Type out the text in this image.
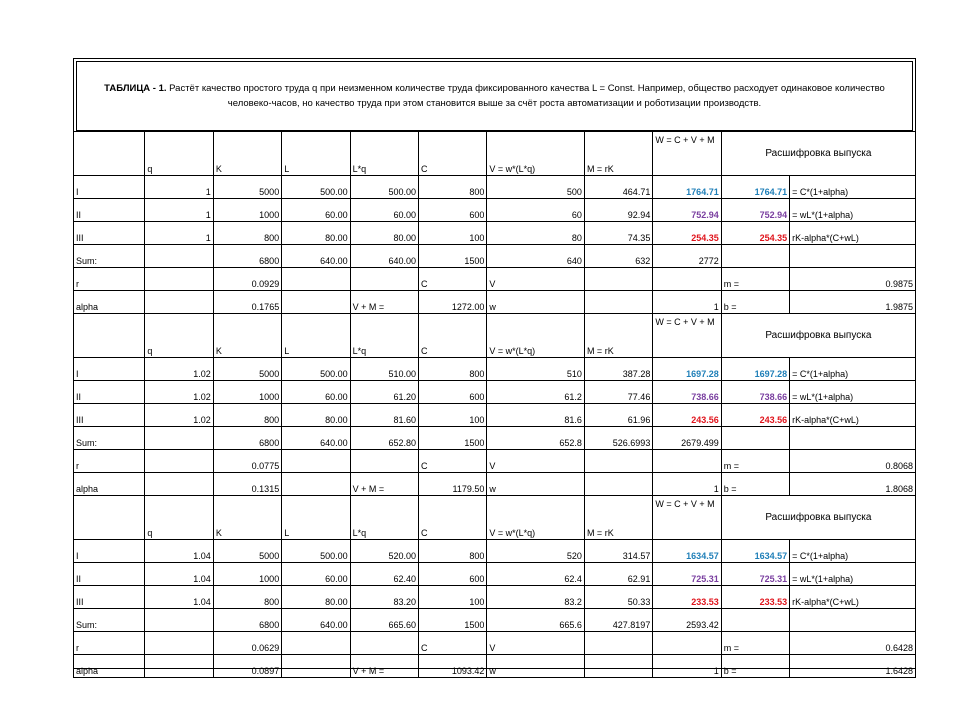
ТАБЛИЦА - 1. Растёт качество простого труда q при неизменном количестве труда фиксированного качества L = Const. Например, общество расходует одинаковое количество человеко-часов, но качество труда при этом становится выше за счёт роста автоматизации и роботизации производств.
	q	K	L	L*q	C	V = w*(L*q)	M = rK	W = C + V + M	Расшифровка выпуска	
I	1	5000	500.00	500.00	800	500	464.71	1764.71	1764.71	= C*(1+alpha)
II	1	1000	60.00	60.00	600	60	92.94	752.94	752.94	= wL*(1+alpha)
III	1	800	80.00	80.00	100	80	74.35	254.35	254.35	rK-alpha*(C+wL)
Sum:		6800	640.00	640.00	1500	640	632	2772		
r		0.0929			C	V			m =	0.9875
alpha		0.1765		V + M =	1272.00	w		1	b =	1.9875
	q	K	L	L*q	C	V = w*(L*q)	M = rK	W = C + V + M	Расшифровка выпуска	
I	1.02	5000	500.00	510.00	800	510	387.28	1697.28	1697.28	= C*(1+alpha)
II	1.02	1000	60.00	61.20	600	61.2	77.46	738.66	738.66	= wL*(1+alpha)
III	1.02	800	80.00	81.60	100	81.6	61.96	243.56	243.56	rK-alpha*(C+wL)
Sum:		6800	640.00	652.80	1500	652.8	526.6993	2679.499		
r		0.0775			C	V			m =	0.8068
alpha		0.1315		V + M =	1179.50	w		1	b =	1.8068
	q	K	L	L*q	C	V = w*(L*q)	M = rK	W = C + V + M	Расшифровка выпуска	
I	1.04	5000	500.00	520.00	800	520	314.57	1634.57	1634.57	= C*(1+alpha)
II	1.04	1000	60.00	62.40	600	62.4	62.91	725.31	725.31	= wL*(1+alpha)
III	1.04	800	80.00	83.20	100	83.2	50.33	233.53	233.53	rK-alpha*(C+wL)
Sum:		6800	640.00	665.60	1500	665.6	427.8197	2593.42		
r		0.0629			C	V			m =	0.6428
alpha		0.0897		V + M =	1093.42	w		1	b =	1.6428
